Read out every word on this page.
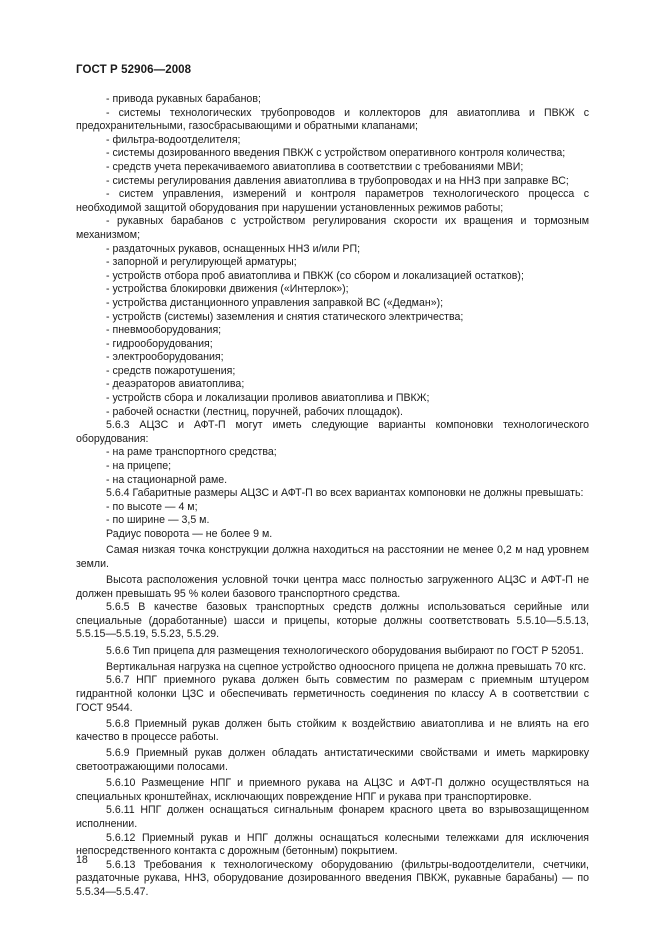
ГОСТ Р 52906—2008

- привода рукавных барабанов;

- системы технологических трубопроводов и коллекторов для авиатоплива и ПВКЖ с предохранительными, газосбрасывающими и обратными клапанами;

- фильтра-водоотделителя;

- системы дозированного введения ПВКЖ с устройством оперативного контроля количества;

- средств учета перекачиваемого авиатоплива в соответствии с требованиями МВИ;

- системы регулирования давления авиатоплива в трубопроводах и на ННЗ при заправке ВС;

- систем управления, измерений и контроля параметров технологического процесса с необходимой защитой оборудования при нарушении установленных режимов работы;

- рукавных барабанов с устройством регулирования скорости их вращения и тормозным механизмом;

- раздаточных рукавов, оснащенных ННЗ и/или РП;

- запорной и регулирующей арматуры;

- устройств отбора проб авиатоплива и ПВКЖ (со сбором и локализацией остатков);

- устройства блокировки движения («Интерлок»);

- устройства дистанционного управления заправкой ВС («Дедман»);

- устройств (системы) заземления и снятия статического электричества;

- пневмооборудования;

- гидрооборудования;

- электрооборудования;

- средств пожаротушения;

- деаэраторов авиатоплива;

- устройств сбора и локализации проливов авиатоплива и ПВКЖ;

- рабочей оснастки (лестниц, поручней, рабочих площадок).

5.6.3 АЦЗС и АФТ-П могут иметь следующие варианты компоновки технологического оборудования:

- на раме транспортного средства;

- на прицепе;

- на стационарной раме.

5.6.4 Габаритные размеры АЦЗС и АФТ-П во всех вариантах компоновки не должны превышать:

- по высоте — 4 м;

- по ширине — 3,5 м.

Радиус поворота — не более 9 м.

Самая низкая точка конструкции должна находиться на расстоянии не менее 0,2 м над уровнем земли.

Высота расположения условной точки центра масс полностью загруженного АЦЗС и АФТ-П не должен превышать 95 % колеи базового транспортного средства.

5.6.5 В качестве базовых транспортных средств должны использоваться серийные или специальные (доработанные) шасси и прицепы, которые должны соответствовать 5.5.10—5.5.13, 5.5.15—5.5.19, 5.5.23, 5.5.29.

5.6.6 Тип прицепа для размещения технологического оборудования выбирают по ГОСТ Р 52051.

Вертикальная нагрузка на сцепное устройство одноосного прицепа не должна превышать 70 кгс.

5.6.7 НПГ приемного рукава должен быть совместим по размерам с приемным штуцером гидрантной колонки ЦЗС и обеспечивать герметичность соединения по классу А в соответствии с ГОСТ 9544.

5.6.8 Приемный рукав должен быть стойким к воздействию авиатоплива и не влиять на его качество в процессе работы.

5.6.9 Приемный рукав должен обладать антистатическими свойствами и иметь маркировку светоотражающими полосами.

5.6.10 Размещение НПГ и приемного рукава на АЦЗС и АФТ-П должно осуществляться на специальных кронштейнах, исключающих повреждение НПГ и рукава при транспортировке.

5.6.11 НПГ должен оснащаться сигнальным фонарем красного цвета во взрывозащищенном исполнении.

5.6.12 Приемный рукав и НПГ должны оснащаться колесными тележками для исключения непосредственного контакта с дорожным (бетонным) покрытием.

5.6.13 Требования к технологическому оборудованию (фильтры-водоотделители, счетчики, раздаточные рукава, ННЗ, оборудование дозированного введения ПВКЖ, рукавные барабаны) — по 5.5.34—5.5.47.

18
